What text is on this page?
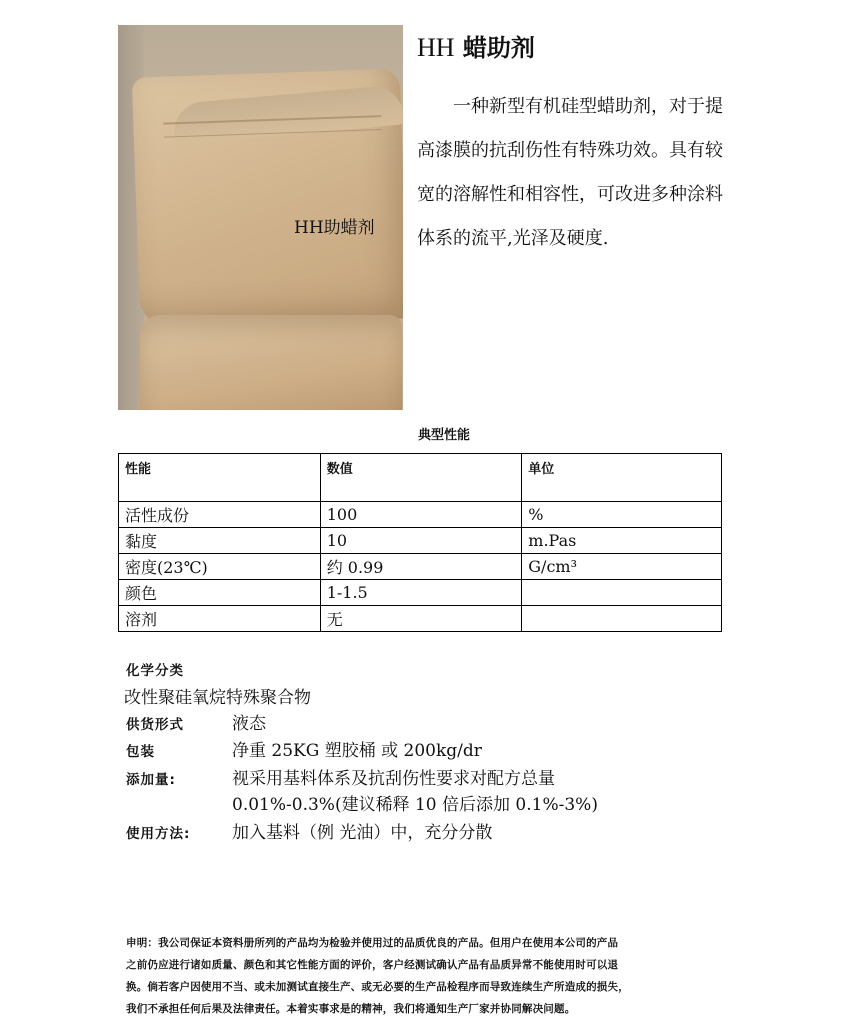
HH助蜡剂
HH 蜡助剂

一种新型有机硅型蜡助剂，对于提高漆膜的抗刮伤性有特殊功效。具有较宽的溶解性和相容性，可改进多种涂料体系的流平,光泽及硬度.

典型性能
性能	数值	单位
活性成份	100	%
黏度	10	m.Pas
密度(23℃)	约 0.99	G/cm³
颜色	1-1.5	
溶剂	无	
化学分类
改性聚硅氧烷特殊聚合物
供货形式	液态
包装	净重 25KG 塑胶桶 或 200kg/dr
添加量:	视采用基料体系及抗刮伤性要求对配方总量
0.01%-0.3%(建议稀释 10 倍后添加 0.1%-3%)
使用方法: 加入基料（例 光油）中，充分分散
申明：我公司保证本资料册所列的产品均为检验并使用过的品质优良的产品。但用户在使用本公司的产品
之前仍应进行诸如质量、颜色和其它性能方面的评价，客户经测试确认产品有品质异常不能使用时可以退
换。倘若客户因使用不当、或未加测试直接生产、或无必要的生产品检程序而导致连续生产所造成的损失，
我们不承担任何后果及法律责任。本着实事求是的精神，我们将通知生产厂家并协同解决问题。
